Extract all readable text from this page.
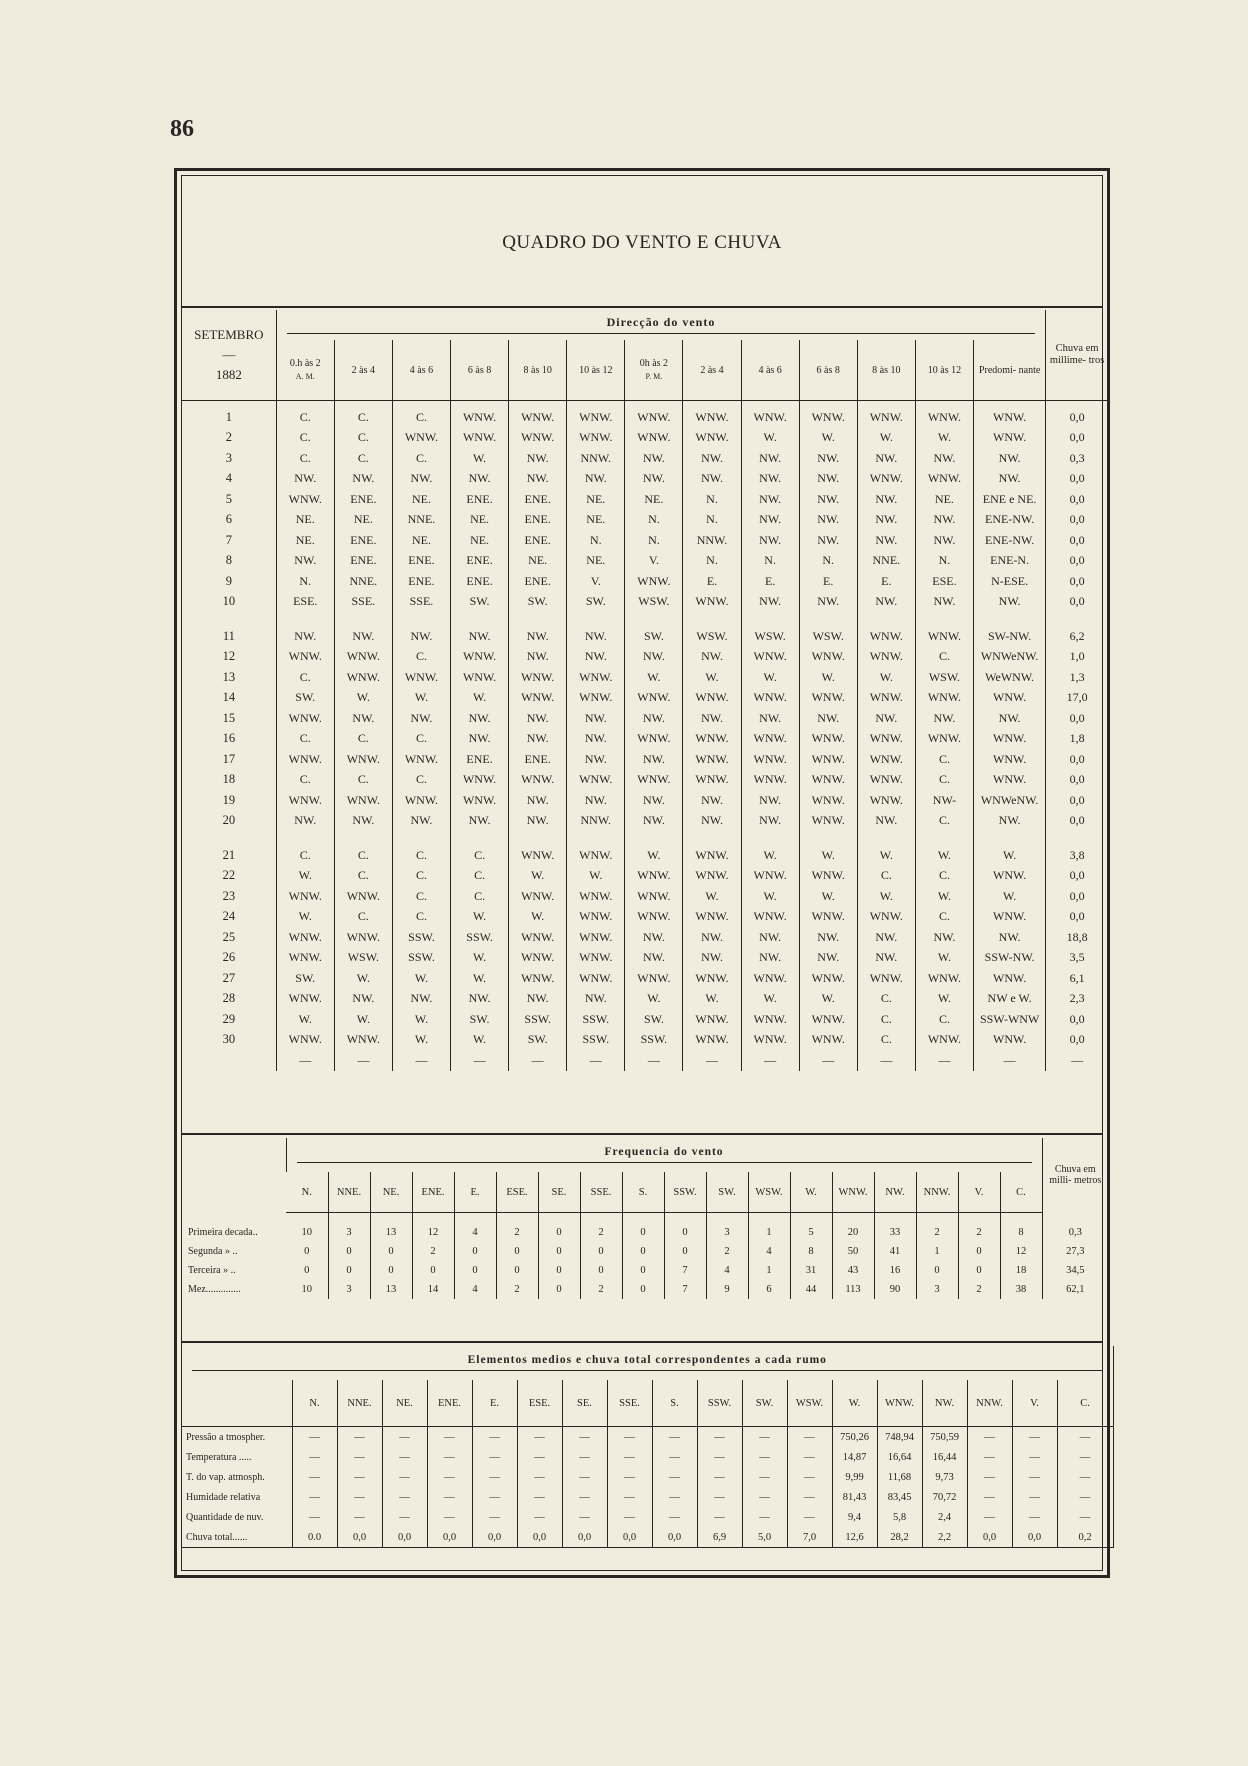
86
QUADRO DO VENTO E CHUVA
SETEMBRO
—
1882	Direcção do vento													Chuva em millime- tros
	0.h às 2
A. M.	2 às 4	4 às 6	6 às 8	8 às 10	10 às 12	0h às 2
P. M.	2 às 4	4 às 6	6 às 8	8 às 10	10 às 12	Predomi- nante	
1	C.	C.	C.	WNW.	WNW.	WNW.	WNW.	WNW.	WNW.	WNW.	WNW.	WNW.	WNW.	0,0
2	C.	C.	WNW.	WNW.	WNW.	WNW.	WNW.	WNW.	W.	W.	W.	W.	WNW.	0,0
3	C.	C.	C.	W.	NW.	NNW.	NW.	NW.	NW.	NW.	NW.	NW.	NW.	0,3
4	NW.	NW.	NW.	NW.	NW.	NW.	NW.	NW.	NW.	NW.	WNW.	WNW.	NW.	0,0
5	WNW.	ENE.	NE.	ENE.	ENE.	NE.	NE.	N.	NW.	NW.	NW.	NE.	ENE e NE.	0,0
6	NE.	NE.	NNE.	NE.	ENE.	NE.	N.	N.	NW.	NW.	NW.	NW.	ENE-NW.	0,0
7	NE.	ENE.	NE.	NE.	ENE.	N.	N.	NNW.	NW.	NW.	NW.	NW.	ENE-NW.	0,0
8	NW.	ENE.	ENE.	ENE.	NE.	NE.	V.	N.	N.	N.	NNE.	N.	ENE-N.	0,0
9	N.	NNE.	ENE.	ENE.	ENE.	V.	WNW.	E.	E.	E.	E.	ESE.	N-ESE.	0,0
10	ESE.	SSE.	SSE.	SW.	SW.	SW.	WSW.	WNW.	NW.	NW.	NW.	NW.	NW.	0,0

11	NW.	NW.	NW.	NW.	NW.	NW.	SW.	WSW.	WSW.	WSW.	WNW.	WNW.	SW-NW.	6,2
12	WNW.	WNW.	C.	WNW.	NW.	NW.	NW.	NW.	WNW.	WNW.	WNW.	C.	WNWeNW.	1,0
13	C.	WNW.	WNW.	WNW.	WNW.	WNW.	W.	W.	W.	W.	W.	WSW.	WeWNW.	1,3
14	SW.	W.	W.	W.	WNW.	WNW.	WNW.	WNW.	WNW.	WNW.	WNW.	WNW.	WNW.	17,0
15	WNW.	NW.	NW.	NW.	NW.	NW.	NW.	NW.	NW.	NW.	NW.	NW.	NW.	0,0
16	C.	C.	C.	NW.	NW.	NW.	WNW.	WNW.	WNW.	WNW.	WNW.	WNW.	WNW.	1,8
17	WNW.	WNW.	WNW.	ENE.	ENE.	NW.	NW.	WNW.	WNW.	WNW.	WNW.	C.	WNW.	0,0
18	C.	C.	C.	WNW.	WNW.	WNW.	WNW.	WNW.	WNW.	WNW.	WNW.	C.	WNW.	0,0
19	WNW.	WNW.	WNW.	WNW.	NW.	NW.	NW.	NW.	NW.	WNW.	WNW.	NW-	WNWeNW.	0,0
20	NW.	NW.	NW.	NW.	NW.	NNW.	NW.	NW.	NW.	WNW.	NW.	C.	NW.	0,0

21	C.	C.	C.	C.	WNW.	WNW.	W.	WNW.	W.	W.	W.	W.	W.	3,8
22	W.	C.	C.	C.	W.	W.	WNW.	WNW.	WNW.	WNW.	C.	C.	WNW.	0,0
23	WNW.	WNW.	C.	C.	WNW.	WNW.	WNW.	W.	W.	W.	W.	W.	W.	0,0
24	W.	C.	C.	W.	W.	WNW.	WNW.	WNW.	WNW.	WNW.	WNW.	C.	WNW.	0,0
25	WNW.	WNW.	SSW.	SSW.	WNW.	WNW.	NW.	NW.	NW.	NW.	NW.	NW.	NW.	18,8
26	WNW.	WSW.	SSW.	W.	WNW.	WNW.	NW.	NW.	NW.	NW.	NW.	W.	SSW-NW.	3,5
27	SW.	W.	W.	W.	WNW.	WNW.	WNW.	WNW.	WNW.	WNW.	WNW.	WNW.	WNW.	6,1
28	WNW.	NW.	NW.	NW.	NW.	NW.	W.	W.	W.	W.	C.	W.	NW e W.	2,3
29	W.	W.	W.	SW.	SSW.	SSW.	SW.	WNW.	WNW.	WNW.	C.	C.	SSW-WNW	0,0
30	WNW.	WNW.	W.	W.	SW.	SSW.	SSW.	WNW.	WNW.	WNW.	C.	WNW.	WNW.	0,0
	—	—	—	—	—	—	—	—	—	—	—	—	—	—
	Frequencia do vento																		Chuva em milli- metros
	N.	NNE.	NE.	ENE.	E.	ESE.	SE.	SSE.	S.	SSW.	SW.	WSW.	W.	WNW.	NW.	NNW.	V.	C.	

Primeira decada..	10	3	13	12	4	2	0	2	0	0	3	1	5	20	33	2	2	8	0,3
Segunda » ..	0	0	0	2	0	0	0	0	0	0	2	4	8	50	41	1	0	12	27,3
Terceira » ..	0	0	0	0	0	0	0	0	0	7	4	1	31	43	16	0	0	18	34,5
Mez..............	10	3	13	14	4	2	0	2	0	7	9	6	44	113	90	3	2	38	62,1
Elementos medios e chuva total correspondentes a cada rumo																		

	N.	NNE.	NE.	ENE.	E.	ESE.	SE.	SSE.	S.	SSW.	SW.	WSW.	W.	WNW.	NW.	NNW.	V.	C.
Pressão a tmospher.	—	—	—	—	—	—	—	—	—	—	—	—	750,26	748,94	750,59	—	—	—
Temperatura .....	—	—	—	—	—	—	—	—	—	—	—	—	14,87	16,64	16,44	—	—	—
T. do vap. atmosph.	—	—	—	—	—	—	—	—	—	—	—	—	9,99	11,68	9,73	—	—	—
Humidade relativa	—	—	—	—	—	—	—	—	—	—	—	—	81,43	83,45	70,72	—	—	—
Quantidade de nuv.	—	—	—	—	—	—	—	—	—	—	—	—	9,4	5,8	2,4	—	—	—
Chuva total......	0.0	0,0	0,0	0,0	0,0	0,0	0,0	0,0	0,0	6,9	5,0	7,0	12,6	28,2	2,2	0,0	0,0	0,2
